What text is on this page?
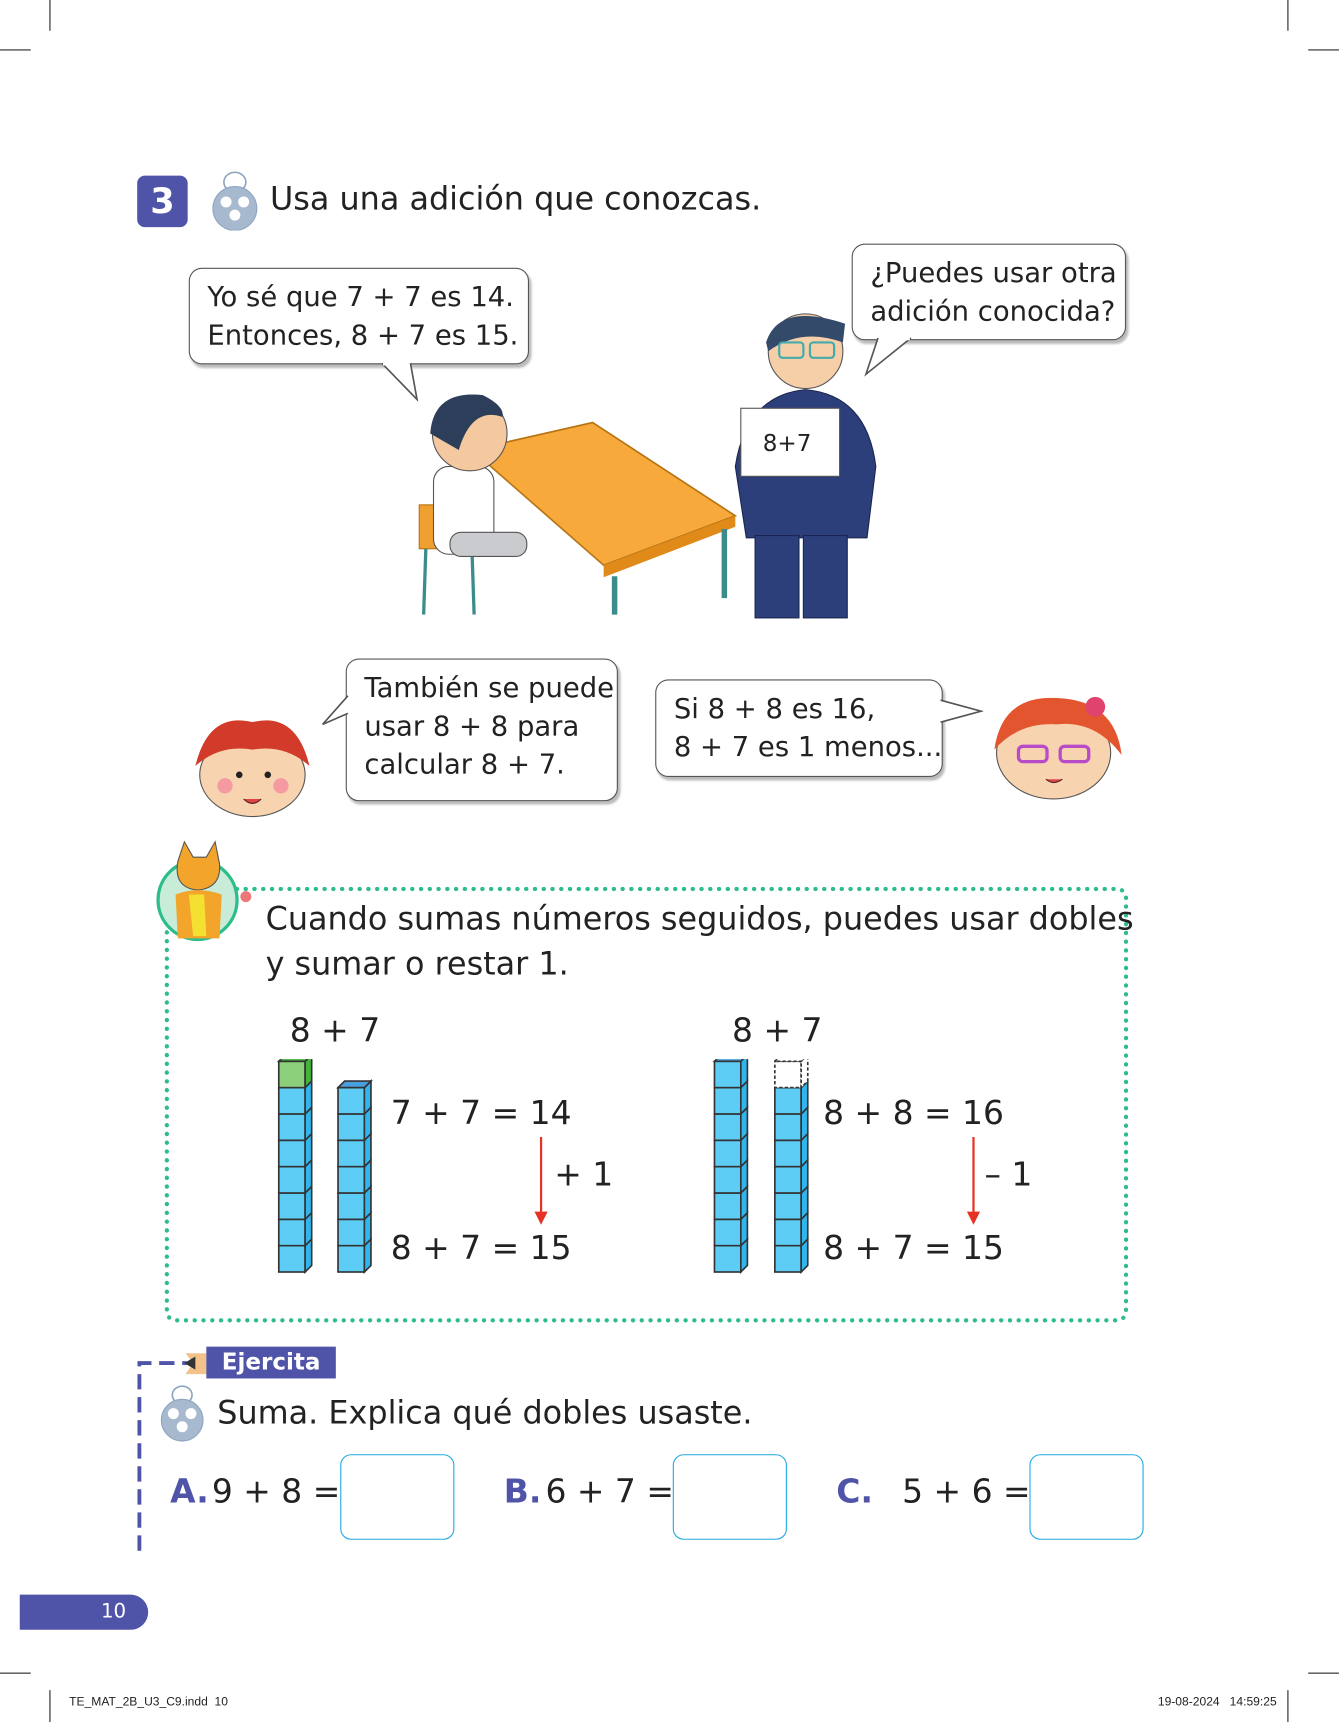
3	Usa una adición que conozcas.
Yo sé que 7 + 7 es 14.
Entonces, 8 + 7 es 15.
¿Puedes usar otra
adición conocida?
8+7
También se puede
usar 8 + 8 para
calcular 8 + 7.
Si 8 + 8 es 16,
8 + 7 es 1 menos...
Cuando sumas números seguidos, puedes usar dobles
y sumar o restar 1.
8 + 7
7 + 7 = 14
+ 1
8 + 7 = 15
8 + 7
8 + 8 = 16
– 1
8 + 7 = 15
Ejercita
Suma. Explica qué dobles usaste.
A. 9 + 8 =	B. 6 + 7 =	C. 5 + 6 =
10
TE_MAT_2B_U3_C9.indd  10	19-08-2024   14:59:25
